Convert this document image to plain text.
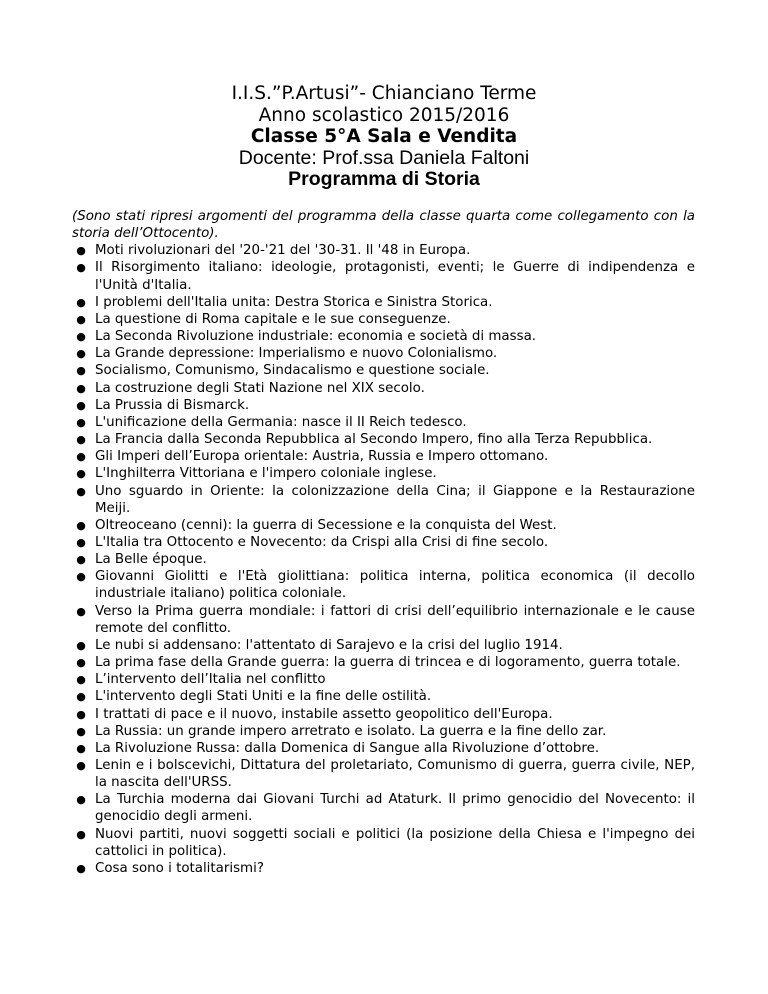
I.I.S.”P.Artusi”- Chianciano Terme
Anno scolastico 2015/2016
Classe 5°A Sala e Vendita
Docente: Prof.ssa Daniela Faltoni
Programma di Storia

(Sono stati ripresi argomenti del programma della classe quarta come collegamento con la storia dell’Ottocento).

● Moti rivoluzionari del '20-'21 del '30-31. Il '48 in Europa.
● Il Risorgimento italiano: ideologie, protagonisti, eventi; le Guerre di indipendenza e l'Unità d'Italia.
● I problemi dell'Italia unita: Destra Storica e Sinistra Storica.
● La questione di Roma capitale e le sue conseguenze.
● La Seconda Rivoluzione industriale: economia e società di massa.
● La Grande depressione: Imperialismo e nuovo Colonialismo.
● Socialismo, Comunismo, Sindacalismo e questione sociale.
● La costruzione degli Stati Nazione nel XIX secolo.
● La Prussia di Bismarck.
● L'unificazione della Germania: nasce il II Reich tedesco.
● La Francia dalla Seconda Repubblica al Secondo Impero, fino alla Terza Repubblica.
● Gli Imperi dell’Europa orientale: Austria, Russia e Impero ottomano.
● L'Inghilterra Vittoriana e l'impero coloniale inglese.
● Uno sguardo in Oriente: la colonizzazione della Cina; il Giappone e la Restaurazione Meiji.
● Oltreoceano (cenni): la guerra di Secessione e la conquista del West.
● L'Italia tra Ottocento e Novecento: da Crispi alla Crisi di fine secolo.
● La Belle époque.
● Giovanni Giolitti e l'Età giolittiana: politica interna, politica economica (il decollo industriale italiano) politica coloniale.
● Verso la Prima guerra mondiale: i fattori di crisi dell’equilibrio internazionale e le cause remote del conflitto.
● Le nubi si addensano: l'attentato di Sarajevo e la crisi del luglio 1914.
● La prima fase della Grande guerra: la guerra di trincea e di logoramento, guerra totale.
● L’intervento dell’Italia nel conflitto
● L'intervento degli Stati Uniti e la fine delle ostilità.
● I trattati di pace e il nuovo, instabile assetto geopolitico dell'Europa.
● La Russia: un grande impero arretrato e isolato. La guerra e la fine dello zar.
● La Rivoluzione Russa: dalla Domenica di Sangue alla Rivoluzione d’ottobre.
● Lenin e i bolscevichi, Dittatura del proletariato, Comunismo di guerra, guerra civile, NEP, la nascita dell'URSS.
● La Turchia moderna dai Giovani Turchi ad Ataturk. Il primo genocidio del Novecento: il genocidio degli armeni.
● Nuovi partiti, nuovi soggetti sociali e politici (la posizione della Chiesa e l'impegno dei cattolici in politica).
● Cosa sono i totalitarismi?
